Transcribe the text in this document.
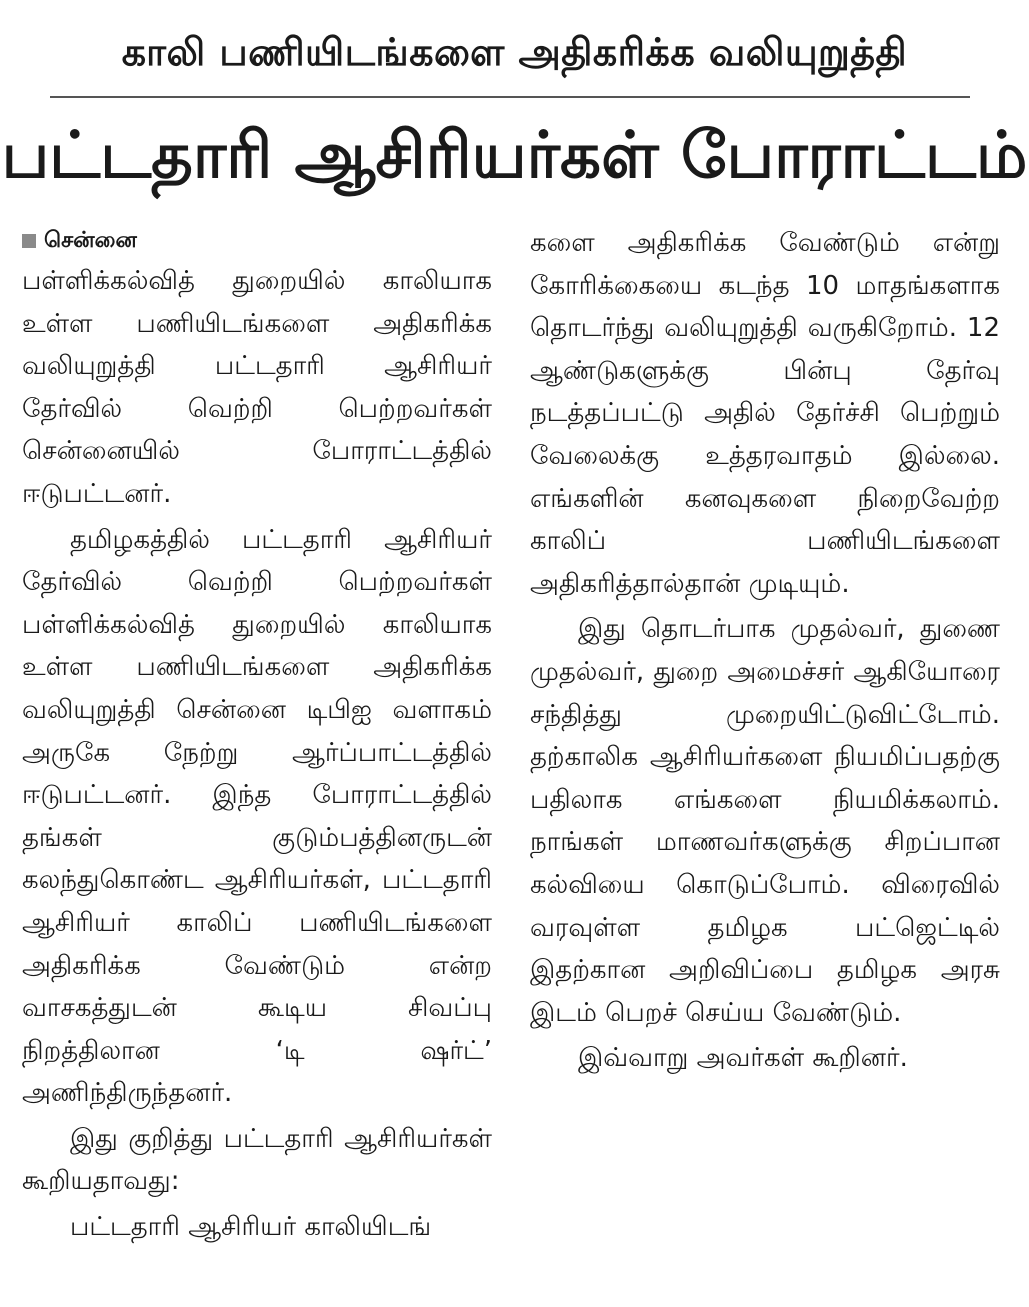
காலி பணியிடங்களை அதிகரிக்க வலியுறுத்தி
பட்டதாரி ஆசிரியர்கள் போராட்டம்
சென்னை

பள்ளிக்கல்வித் துறையில் காலியாக உள்ள பணியிடங்களை அதிகரிக்க வலியுறுத்தி பட்டதாரி ஆசிரியர் தேர்வில் வெற்றி பெற்றவர்கள் சென்னையில் போராட்டத்தில் ஈடுபட்டனர்.

தமிழகத்தில் பட்டதாரி ஆசிரியர் தேர்வில் வெற்றி பெற்றவர்கள் பள்ளிக்கல்வித் துறையில் காலியாக உள்ள பணியிடங்களை அதிகரிக்க வலியுறுத்தி சென்னை டிபிஐ வளாகம் அருகே நேற்று ஆர்ப்பாட்டத்தில் ஈடுபட்டனர். இந்த போராட்டத்தில் தங்கள் குடும்பத்தினருடன் கலந்துகொண்ட ஆசிரியர்கள், பட்டதாரி ஆசிரியர் காலிப் பணியிடங்களை அதிகரிக்க வேண்டும் என்ற வாசகத்துடன் கூடிய சிவப்பு நிறத்திலான ‘டி ஷர்ட்’ அணிந்திருந்தனர்.

இது குறித்து பட்டதாரி ஆசிரியர்கள் கூறியதாவது:

பட்டதாரி ஆசிரியர் காலியிடங்

களை அதிகரிக்க வேண்டும் என்று கோரிக்கையை கடந்த 10 மாதங்களாக தொடர்ந்து வலியுறுத்தி வருகிறோம். 12 ஆண்டுகளுக்கு பின்பு தேர்வு நடத்தப்பட்டு அதில் தேர்ச்சி பெற்றும் வேலைக்கு உத்தரவாதம் இல்லை. எங்களின் கனவுகளை நிறைவேற்ற காலிப் பணியிடங்களை அதிகரித்தால்தான் முடியும்.

இது தொடர்பாக முதல்வர், துணை முதல்வர், துறை அமைச்சர் ஆகியோரை சந்தித்து முறையிட்டுவிட்டோம். தற்காலிக ஆசிரியர்களை நியமிப்பதற்கு பதிலாக எங்களை நியமிக்கலாம். நாங்கள் மாணவர்களுக்கு சிறப்பான கல்வியை கொடுப்போம். விரைவில் வரவுள்ள தமிழக பட்ஜெட்டில் இதற்கான அறிவிப்பை தமிழக அரசு இடம் பெறச் செய்ய வேண்டும்.

இவ்வாறு அவர்கள் கூறினர்.
